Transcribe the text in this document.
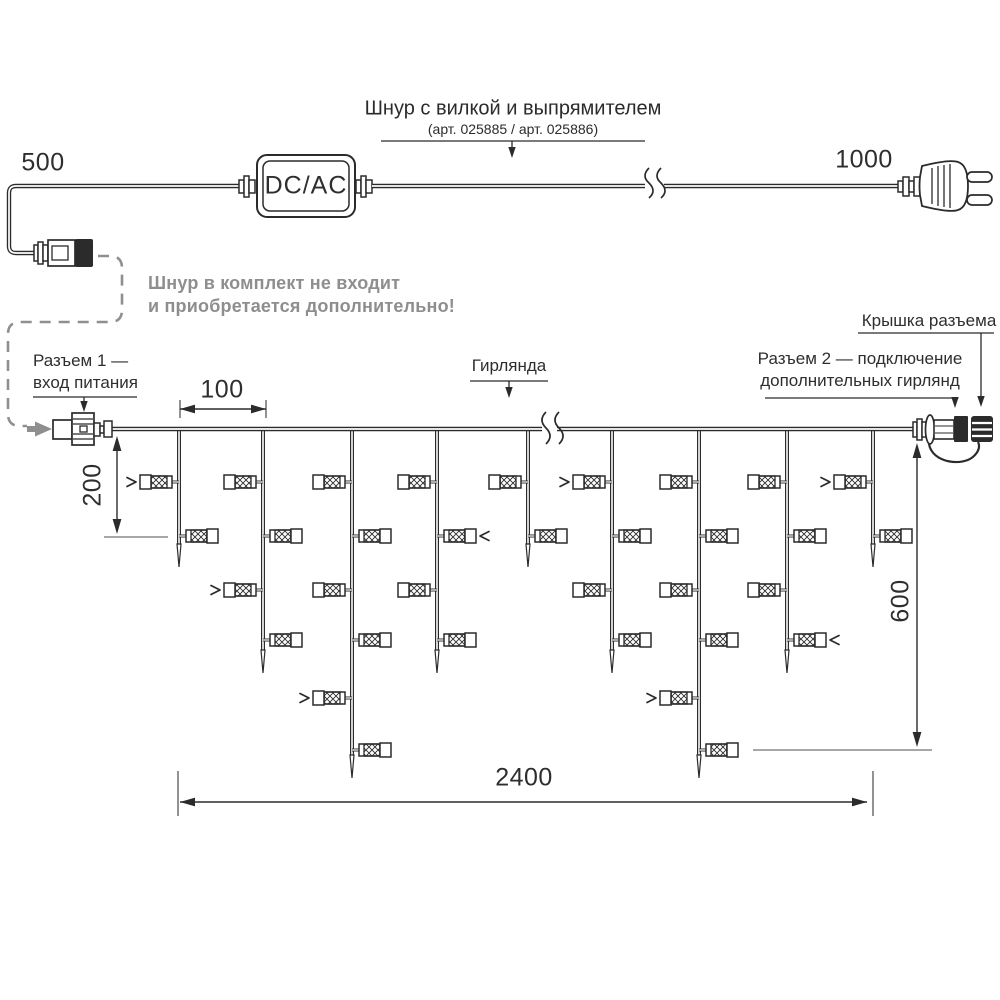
500
Шнур с вилкой и выпрямителем
(арт. 025885 / арт. 025886)
1000
DC/AC
Шнур в комплект не входит
и приобретается дополнительно!
Разъем 1 —
вход питания 100
200
Гирлянда
Крышка разъема
Разъем 2 — подключение
дополнительных гирлянд
600
2400
